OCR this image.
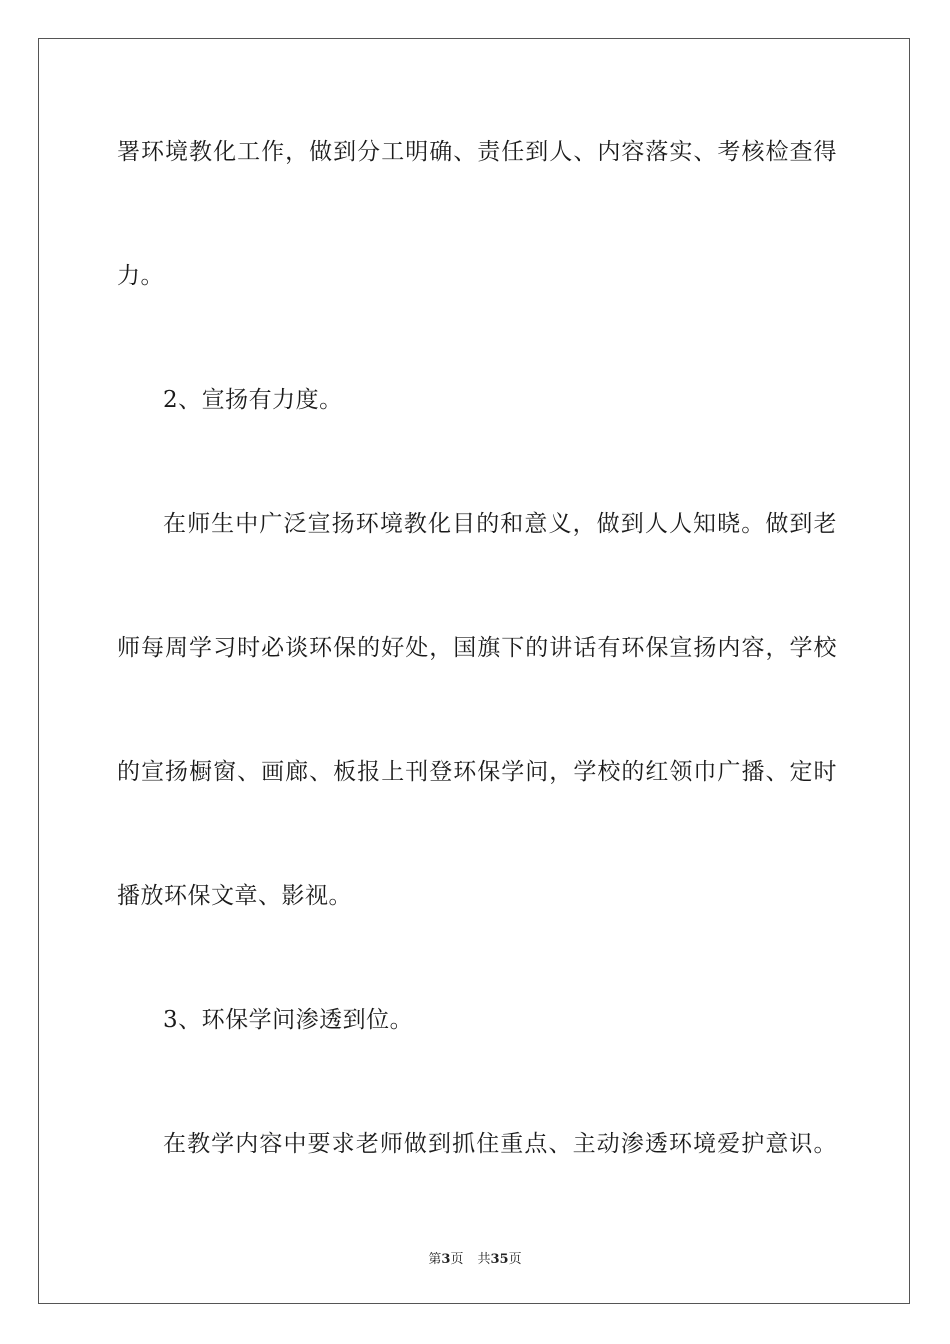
署环境教化工作，做到分工明确、责任到人、内容落实、考核检查得
力。
2、宣扬有力度。
在师生中广泛宣扬环境教化目的和意义，做到人人知晓。做到老
师每周学习时必谈环保的好处，国旗下的讲话有环保宣扬内容，学校
的宣扬橱窗、画廊、板报上刊登环保学问，学校的红领巾广播、定时
播放环保文章、影视。
3、环保学问渗透到位。
在教学内容中要求老师做到抓住重点、主动渗透环境爱护意识。
第3页 共35页
